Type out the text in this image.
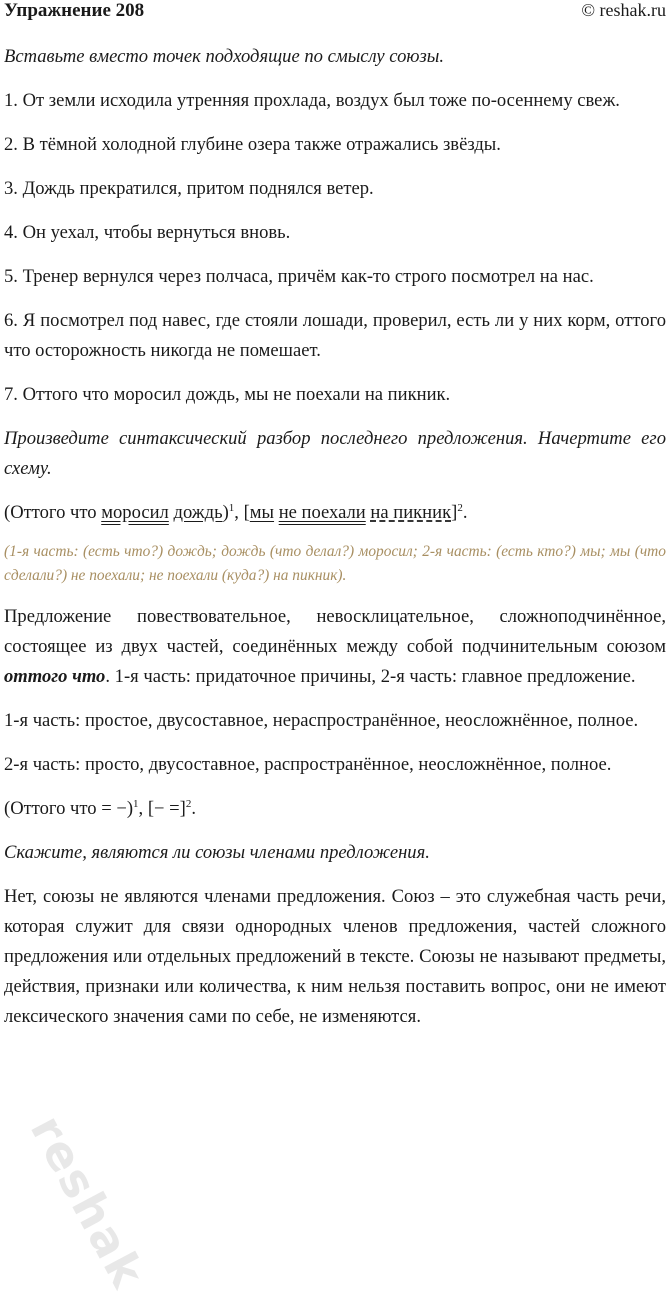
Упражнение 208	© reshak.ru

Вставьте вместо точек подходящие по смыслу союзы.

1. От земли исходила утренняя прохлада, воздух был тоже по-осеннему свеж.

2. В тёмной холодной глубине озера также отражались звёзды.

3. Дождь прекратился, притом поднялся ветер.

4. Он уехал, чтобы вернуться вновь.

5. Тренер вернулся через полчаса, причём как-то строго посмотрел на нас.

6. Я посмотрел под навес, где стояли лошади, проверил, есть ли у них корм, оттого что осторожность никогда не помешает.

7. Оттого что моросил дождь, мы не поехали на пикник.

Произведите синтаксический разбор последнего предложения. Начертите его схему.

(Оттого что моросил дождь)$^1$, [мы не поехали на пикник]$^2$.

(1-я часть: (есть что?) дождь; дождь (что делал?) моросил; 2-я часть: (есть кто?) мы; мы (что сделали?) не поехали; не поехали (куда?) на пикник).

Предложение повествовательное, невосклицательное, сложноподчинённое, состоящее из двух частей, соединённых между собой подчинительным союзом оттого что. 1-я часть: придаточное причины, 2-я часть: главное предложение.

1-я часть: простое, двусоставное, нераспространённое, неосложнённое, полное.

2-я часть: просто, двусоставное, распространённое, неосложнённое, полное.

(Оттого что = −)$^1$, [− =]$^2$.

Скажите, являются ли союзы членами предложения.

Нет, союзы не являются членами предложения. Союз – это служебная часть речи, которая служит для связи однородных членов предложения, частей сложного предложения или отдельных предложений в тексте. Союзы не называют предметы, действия, признаки или количества, к ним нельзя поставить вопрос, они не имеют лексического значения сами по себе, не изменяются.

reshak
